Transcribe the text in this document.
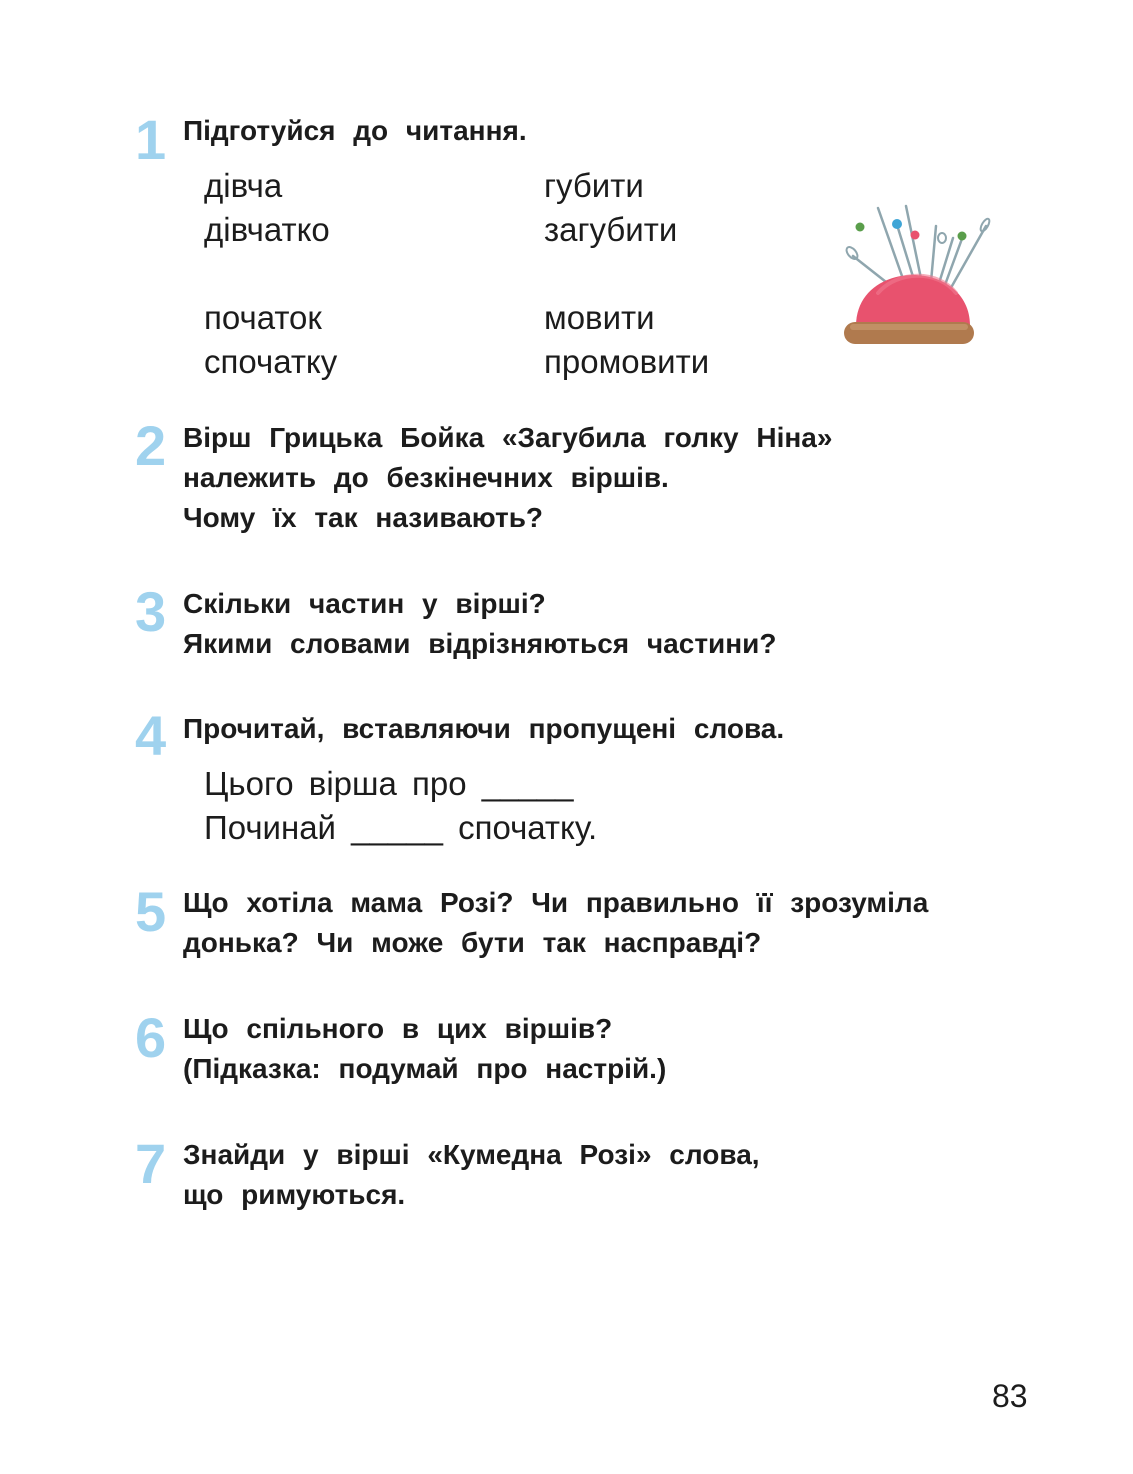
1 Підготуйся до читання.

дівча
дівчатко
губити
загубити
початок
спочатку
мовити
промовити
2 Вірш Грицька Бойка «Загубила голку Ніна»
належить до безкінечних віршів.
Чому їх так називають?

3 Скільки частин у вірші?
Якими словами відрізняються частини?

4 Прочитай, вставляючи пропущені слова.

Цього вірша про _____
Починай _____ спочатку.
5 Що хотіла мама Розі? Чи правильно її зрозуміла
донька? Чи може бути так насправді?

6 Що спільного в цих віршів?
(Підказка: подумай про настрій.)

7 Знайди у вірші «Кумедна Розі» слова,
що римуються.

83
